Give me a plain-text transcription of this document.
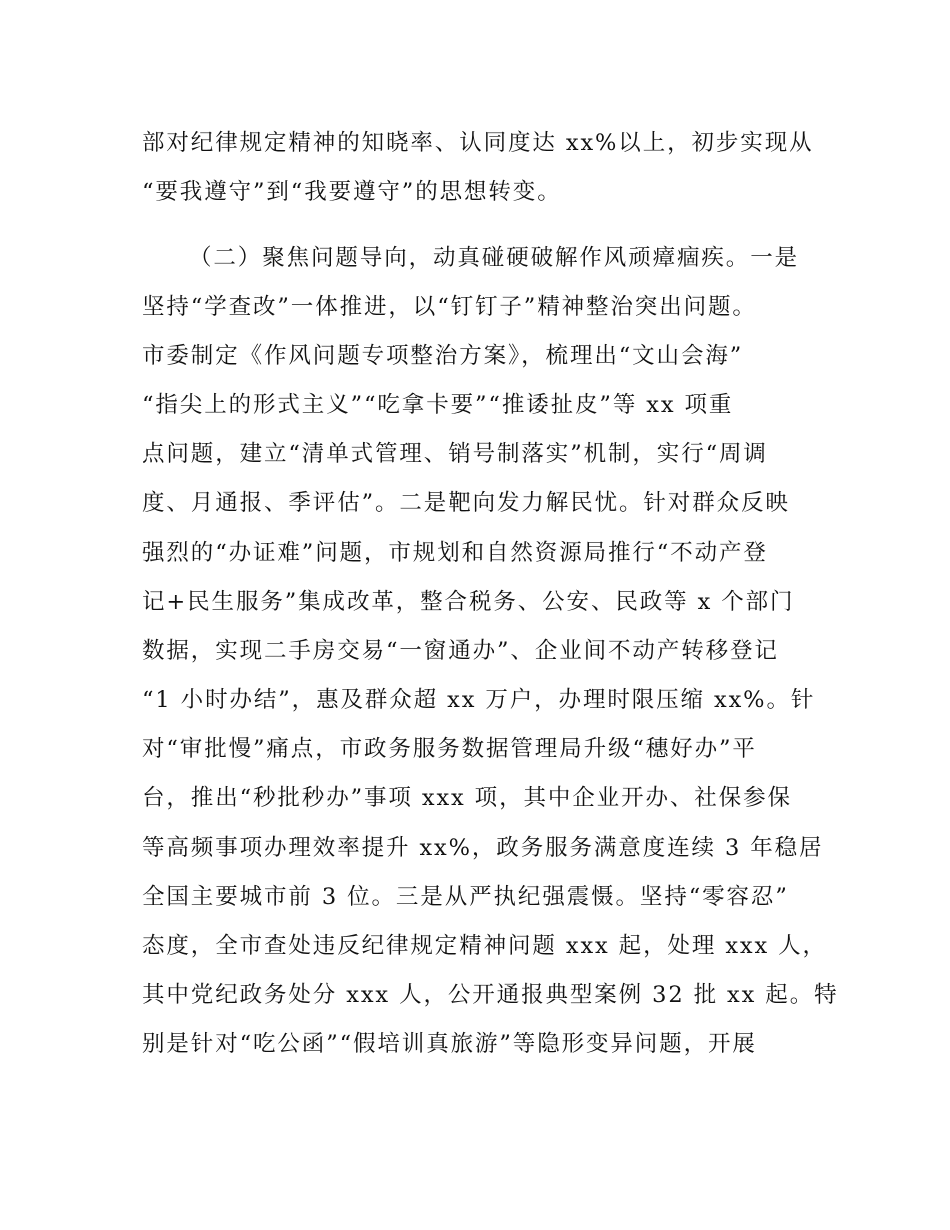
部对纪律规定精神的知晓率、认同度达 xx%以上，初步实现从
“要我遵守”到“我要遵守”的思想转变。
（二）聚焦问题导向，动真碰硬破解作风顽瘴痼疾。一是
坚持“学查改”一体推进，以“钉钉子”精神整治突出问题。
市委制定《作风问题专项整治方案》，梳理出“文山会海”
“指尖上的形式主义”“吃拿卡要”“推诿扯皮”等 xx 项重
点问题，建立“清单式管理、销号制落实”机制，实行“周调
度、月通报、季评估”。二是靶向发力解民忧。针对群众反映
强烈的“办证难”问题，市规划和自然资源局推行“不动产登
记+民生服务”集成改革，整合税务、公安、民政等 x 个部门
数据，实现二手房交易“一窗通办”、企业间不动产转移登记
“1 小时办结”，惠及群众超 xx 万户，办理时限压缩 xx%。针
对“审批慢”痛点，市政务服务数据管理局升级“穗好办”平
台，推出“秒批秒办”事项 xxx 项，其中企业开办、社保参保
等高频事项办理效率提升 xx%，政务服务满意度连续 3 年稳居
全国主要城市前 3 位。三是从严执纪强震慑。坚持“零容忍”
态度，全市查处违反纪律规定精神问题 xxx 起，处理 xxx 人，
其中党纪政务处分 xxx 人，公开通报典型案例 32 批 xx 起。特
别是针对“吃公函”“假培训真旅游”等隐形变异问题，开展
